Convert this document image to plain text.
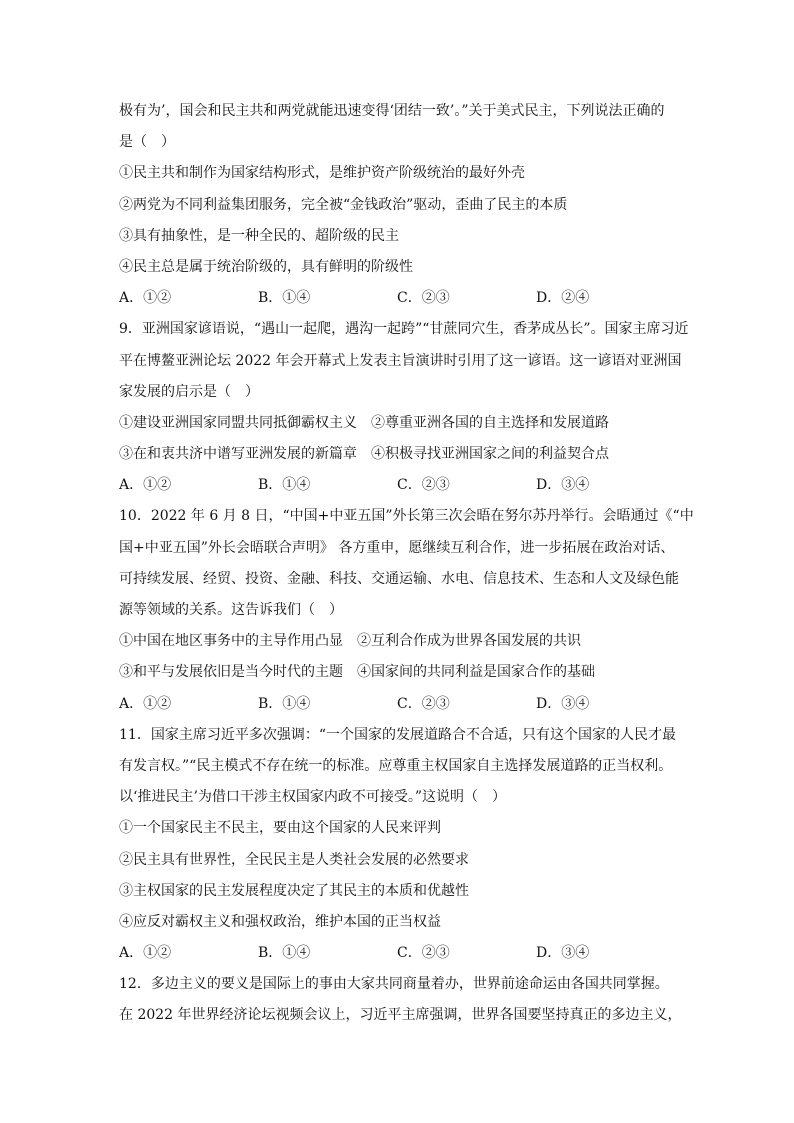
极有为’，国会和民主共和两党就能迅速变得‘团结一致’。”关于美式民主，下列说法正确的
是（　）
①民主共和制作为国家结构形式，是维护资产阶级统治的最好外壳
②两党为不同利益集团服务，完全被“金钱政治”驱动，歪曲了民主的本质
③具有抽象性，是一种全民的、超阶级的民主
④民主总是属于统治阶级的，具有鲜明的阶级性
A．①②	B．①④	C．②③	D．②④
9．亚洲国家谚语说，“遇山一起爬，遇沟一起跨”“甘蔗同穴生，香茅成丛长”。国家主席习近
平在博鳌亚洲论坛 2022 年会开幕式上发表主旨演讲时引用了这一谚语。这一谚语对亚洲国
家发展的启示是（　）
①建设亚洲国家同盟共同抵御霸权主义　②尊重亚洲各国的自主选择和发展道路
③在和衷共济中谱写亚洲发展的新篇章　④积极寻找亚洲国家之间的利益契合点
A．①②	B．①④	C．②③	D．③④
10．2022 年 6 月 8 日，“中国+中亚五国”外长第三次会晤在努尔苏丹举行。会晤通过《“中
国+中亚五国”外长会晤联合声明》 各方重申，愿继续互利合作，进一步拓展在政治对话、
可持续发展、经贸、投资、金融、科技、交通运输、水电、信息技术、生态和人文及绿色能
源等领域的关系。这告诉我们（　）
①中国在地区事务中的主导作用凸显　②互利合作成为世界各国发展的共识
③和平与发展依旧是当今时代的主题　④国家间的共同利益是国家合作的基础
A．①②	B．①④	C．②③	D．③④
11．国家主席习近平多次强调：“一个国家的发展道路合不合适，只有这个国家的人民才最
有发言权。”“民主模式不存在统一的标准。应尊重主权国家自主选择发展道路的正当权利。
以‘推进民主’为借口干涉主权国家内政不可接受。”这说明（　）
①一个国家民主不民主，要由这个国家的人民来评判
②民主具有世界性，全民民主是人类社会发展的必然要求
③主权国家的民主发展程度决定了其民主的本质和优越性
④应反对霸权主义和强权政治，维护本国的正当权益
A．①②	B．①④	C．②③	D．③④
12．多边主义的要义是国际上的事由大家共同商量着办，世界前途命运由各国共同掌握。
在 2022 年世界经济论坛视频会议上，习近平主席强调，世界各国要坚持真正的多边主义，
